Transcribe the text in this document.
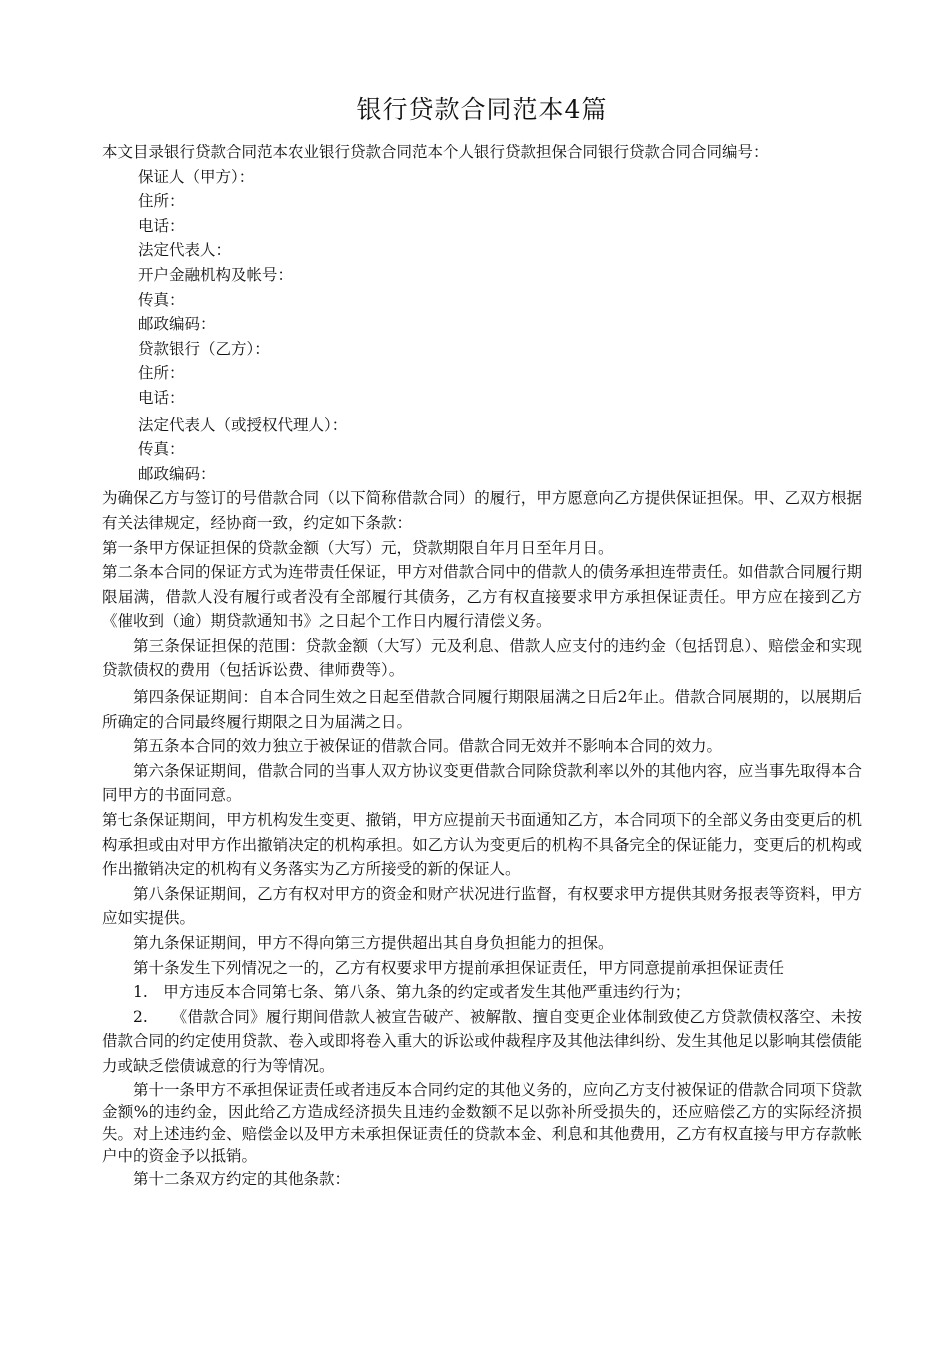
银行贷款合同范本4篇

本文目录银行贷款合同范本农业银行贷款合同范本个人银行贷款担保合同银行贷款合同合同编号：

保证人（甲方）：

住所：

电话：

法定代表人：

开户金融机构及帐号：

传真：

邮政编码：

贷款银行（乙方）：

住所：

电话：

法定代表人（或授权代理人）：

传真：

邮政编码：

为确保乙方与签订的号借款合同（以下简称借款合同）的履行，甲方愿意向乙方提供保证担保。甲、乙双方根据有关法律规定，经协商一致，约定如下条款：

第一条甲方保证担保的贷款金额（大写）元，贷款期限自年月日至年月日。

第二条本合同的保证方式为连带责任保证，甲方对借款合同中的借款人的债务承担连带责任。如借款合同履行期限届满，借款人没有履行或者没有全部履行其债务，乙方有权直接要求甲方承担保证责任。甲方应在接到乙方《催收到（逾）期贷款通知书》之日起个工作日内履行清偿义务。

第三条保证担保的范围：贷款金额（大写）元及利息、借款人应支付的违约金（包括罚息）、赔偿金和实现贷款债权的费用（包括诉讼费、律师费等）。

第四条保证期间：自本合同生效之日起至借款合同履行期限届满之日后2年止。借款合同展期的，以展期后所确定的合同最终履行期限之日为届满之日。

第五条本合同的效力独立于被保证的借款合同。借款合同无效并不影响本合同的效力。

第六条保证期间，借款合同的当事人双方协议变更借款合同除贷款利率以外的其他内容，应当事先取得本合同甲方的书面同意。

第七条保证期间，甲方机构发生变更、撤销，甲方应提前天书面通知乙方，本合同项下的全部义务由变更后的机构承担或由对甲方作出撤销决定的机构承担。如乙方认为变更后的机构不具备完全的保证能力，变更后的机构或作出撤销决定的机构有义务落实为乙方所接受的新的保证人。

第八条保证期间，乙方有权对甲方的资金和财产状况进行监督，有权要求甲方提供其财务报表等资料，甲方应如实提供。

第九条保证期间，甲方不得向第三方提供超出其自身负担能力的担保。

第十条发生下列情况之一的，乙方有权要求甲方提前承担保证责任，甲方同意提前承担保证责任

1.　甲方违反本合同第七条、第八条、第九条的约定或者发生其他严重违约行为；

2.　　《借款合同》履行期间借款人被宣告破产、被解散、擅自变更企业体制致使乙方贷款债权落空、未按借款合同的约定使用贷款、卷入或即将卷入重大的诉讼或仲裁程序及其他法律纠纷、发生其他足以影响其偿债能力或缺乏偿债诚意的行为等情况。

第十一条甲方不承担保证责任或者违反本合同约定的其他义务的，应向乙方支付被保证的借款合同项下贷款金额%的违约金，因此给乙方造成经济损失且违约金数额不足以弥补所受损失的，还应赔偿乙方的实际经济损失。对上述违约金、赔偿金以及甲方未承担保证责任的贷款本金、利息和其他费用，乙方有权直接与甲方存款帐户中的资金予以抵销。

第十二条双方约定的其他条款：
